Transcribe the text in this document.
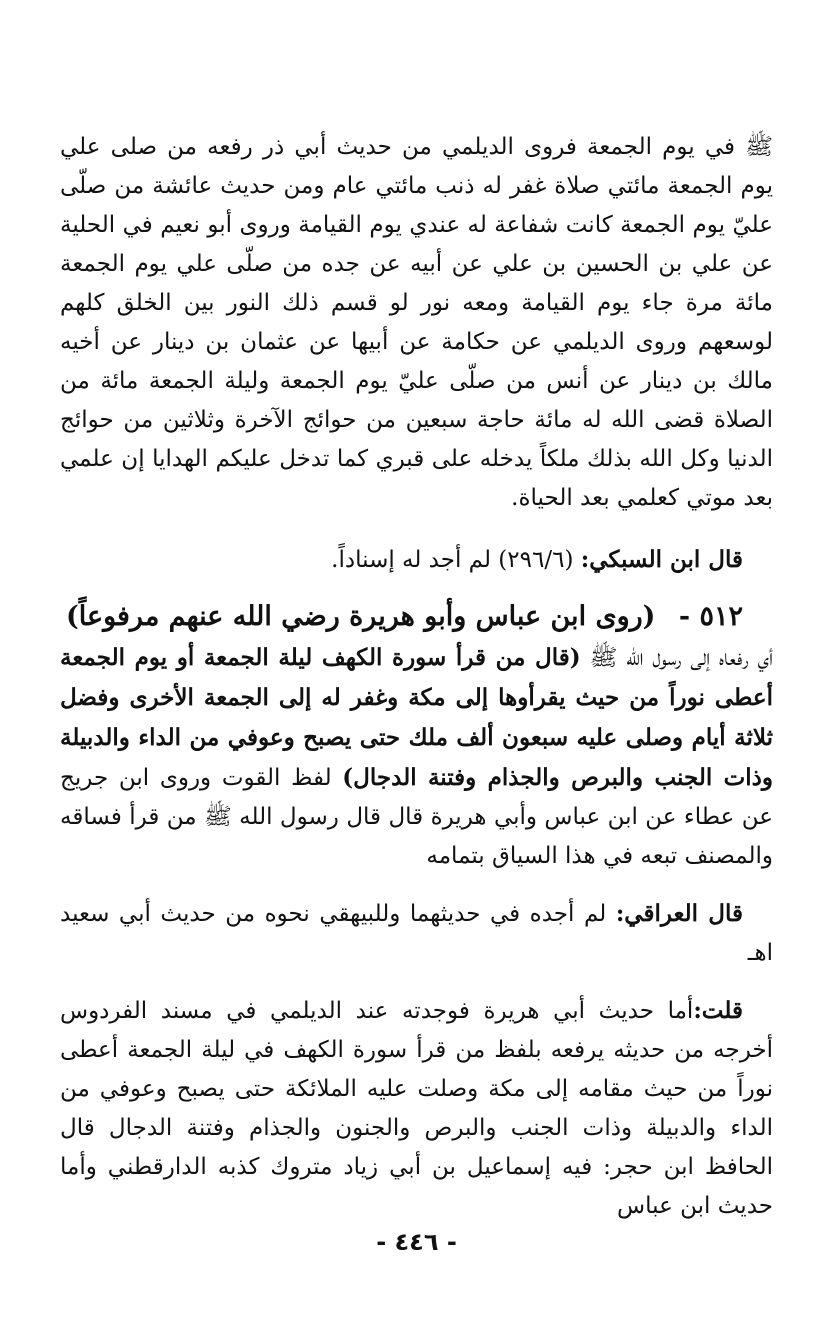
ﷺ في يوم الجمعة فروى الديلمي من حديث أبي ذر رفعه من صلى علي يوم الجمعة مائتي صلاة غفر له ذنب مائتي عام ومن حديث عائشة من صلّى عليّ يوم الجمعة كانت شفاعة له عندي يوم القيامة وروى أبو نعيم في الحلية عن علي بن الحسين بن علي عن أبيه عن جده من صلّى علي يوم الجمعة مائة مرة جاء يوم القيامة ومعه نور لو قسم ذلك النور بين الخلق كلهم لوسعهم وروى الديلمي عن حكامة عن أبيها عن عثمان بن دينار عن أخيه مالك بن دينار عن أنس من صلّى عليّ يوم الجمعة وليلة الجمعة مائة من الصلاة قضى الله له مائة حاجة سبعين من حوائج الآخرة وثلاثين من حوائج الدنيا وكل الله بذلك ملكاً يدخله على قبري كما تدخل عليكم الهدايا إن علمي بعد موتي كعلمي بعد الحياة.

قال ابن السبكي: (٢٩٦/٦) لم أجد له إسناداً.

٥١٢ - (روى ابن عباس وأبو هريرة رضي الله عنهم مرفوعاً)

أي رفعاه إلى رسول الله ﷺ (قال من قرأ سورة الكهف ليلة الجمعة أو يوم الجمعة أعطى نوراً من حيث يقرأوها إلى مكة وغفر له إلى الجمعة الأخرى وفضل ثلاثة أيام وصلى عليه سبعون ألف ملك حتى يصبح وعوفي من الداء والدبيلة وذات الجنب والبرص والجذام وفتنة الدجال) لفظ القوت وروى ابن جريج عن عطاء عن ابن عباس وأبي هريرة قال قال رسول الله ﷺ من قرأ فساقه والمصنف تبعه في هذا السياق بتمامه

قال العراقي: لم أجده في حديثهما وللبيهقي نحوه من حديث أبي سعيد اهـ

قلت:أما حديث أبي هريرة فوجدته عند الديلمي في مسند الفردوس أخرجه من حديثه يرفعه بلفظ من قرأ سورة الكهف في ليلة الجمعة أعطى نوراً من حيث مقامه إلى مكة وصلت عليه الملائكة حتى يصبح وعوفي من الداء والدبيلة وذات الجنب والبرص والجنون والجذام وفتنة الدجال قال الحافظ ابن حجر: فيه إسماعيل بن أبي زياد متروك كذبه الدارقطني وأما حديث ابن عباس

- ٤٤٦ -
